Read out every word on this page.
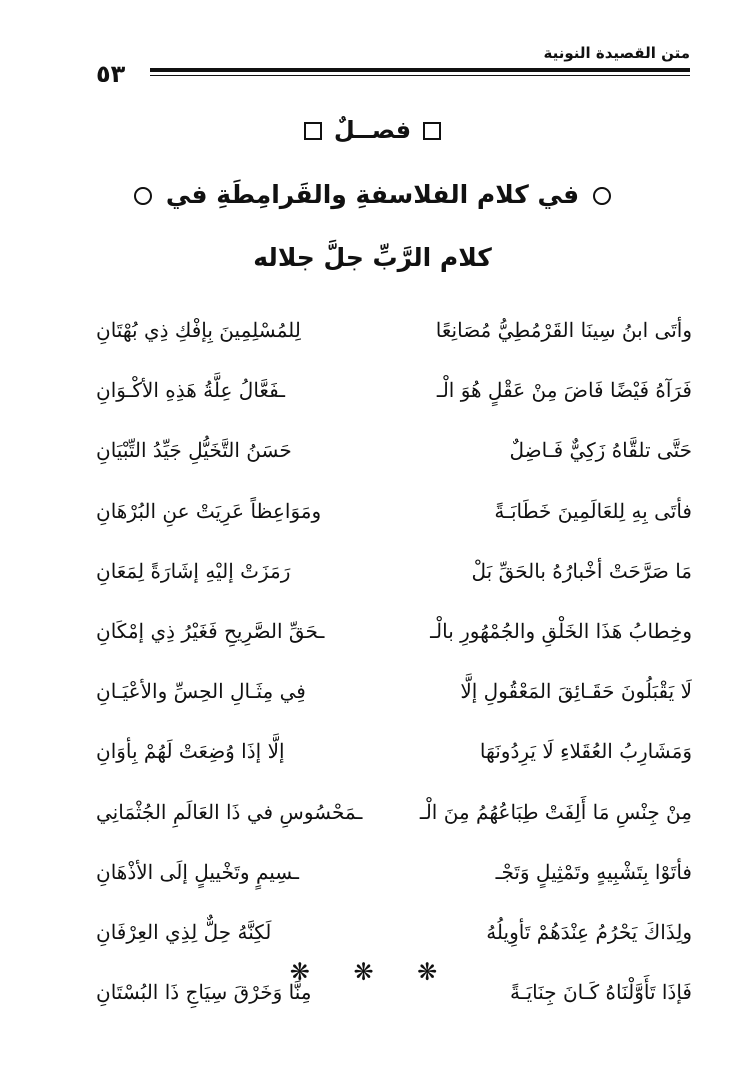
متن القصيدة النونية
٥٣
فصــلٌ
في كلام الفلاسفةِ والقَرامِطَةِ في
كلام الرَّبِّ جلَّ جلاله
وأتَى ابنُ سِينَا القَرْمُطِيُّ مُصَانِعًا
لِلمُسْلِمِينَ بِإفْكِ ذِي بُهْتَانِ
فَرَآهُ فَيْضًا فَاضَ مِنْ عَقْلٍ هُوَ الْـ
ـفَعَّالُ عِلَّةُ هَذِهِ الأكْـوَانِ
حَتَّى تلقَّاهُ زَكِيٌّ فَـاضِلٌ
حَسَنُ التَّخَيُّلِ جَيِّدُ التِّبْيَانِ
فأتَى بِهِ لِلعَالَمِينَ خَطَابَـةً
ومَوَاعِظاً عَرِيَتْ عنِ البُرْهَانِ
مَا صَرَّحَتْ أخْبارُهُ بالحَقِّ بَلْ
رَمَزَتْ إليْهِ إشَارَةً لِمَعَانِ
وخِطابُ هَذَا الخَلْقِ والجُمْهُورِ بالْـ
ـحَقِّ الصَّرِيحِ فَغَيْرُ ذِي إمْكَانِ
لَا يَقْبَلُونَ حَقَـائِقَ المَعْقُولِ إلَّا
فِي مِثَـالِ الحِسِّ والأعْيَـانِ
وَمَشَارِبُ العُقَلاءِ لَا يَرِدُونَهَا
إلَّا إذَا وُضِعَتْ لَهُمْ بِأوَانِ
مِنْ جِنْسِ مَا أَلِفَتْ طِبَاعُهُمُ مِنَ الْـ
ـمَحْسُوسِ في ذَا العَالَمِ الجُثْمَانِي
فأتَوْا بِتَشْبِيهٍ وتَمْثِيلٍ وَتَجْـ
ـسِيمٍ وتَخْييلٍ إلَى الأذْهَانِ
ولِذَاكَ يَحْرُمُ عِنْدَهُمْ تَأوِيلُهُ
لَكِنَّهُ حِلٌّ لِذِي العِرْفَانِ
فَإذَا تَأَوَّلْنَاهُ كَـانَ جِنَايَـةً
مِنَّا وَخَرْقَ سِيَاجِ ذَا البُسْتَانِ
❋ ❋ ❋
